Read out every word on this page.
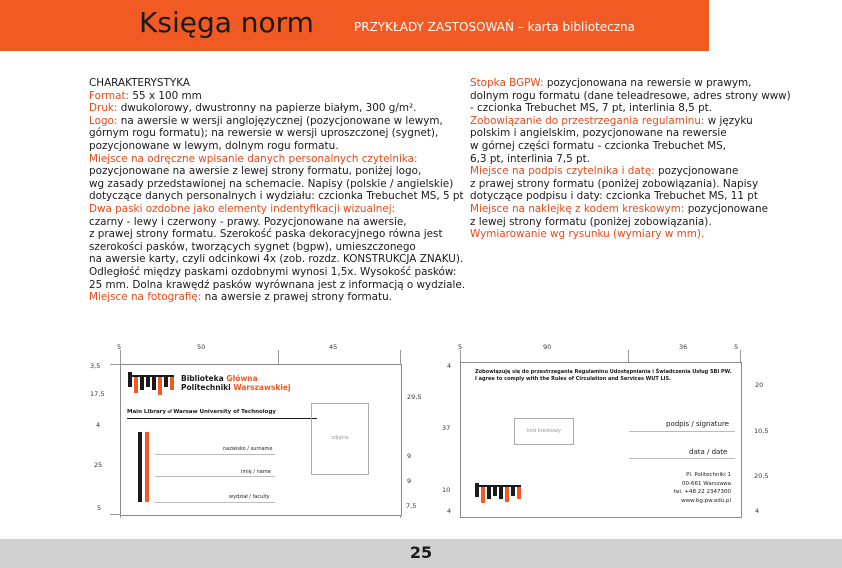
Księga norm	PRZYKŁADY ZASTOSOWAŃ – karta biblioteczna

CHARAKTERYSTYKA

Format: 55 x 100 mm

Druk: dwukolorowy, dwustronny na papierze białym, 300 g/m².

Logo: na awersie w wersji anglojęzycznej (pozycjonowane w lewym,

górnym rogu formatu); na rewersie w wersji uproszczonej (sygnet),

pozycjonowane w lewym, dolnym rogu formatu.

Miejsce na odręczne wpisanie danych personalnych czytelnika:

pozycjonowane na awersie z lewej strony formatu, poniżej logo,

wg zasady przedstawionej na schemacie. Napisy (polskie / angielskie)

dotyczące danych personalnych i wydziału: czcionka Trebuchet MS, 5 pt

Dwa paski ozdobne jako elementy indentyfikacji wizualnej:

czarny - lewy i czerwony - prawy. Pozycjonowane na awersie,

z prawej strony formatu. Szerokość paska dekoracyjnego równa jest

szerokości pasków, tworzących sygnet (bgpw), umieszczonego

na awersie karty, czyli odcinkowi 4x (zob. rozdz. KONSTRUKCJA ZNAKU).

Odległość między paskami ozdobnymi wynosi 1,5x. Wysokość pasków:

25 mm. Dolna krawędź pasków wyrównana jest z informacją o wydziale.

Miejsce na fotografię: na awersie z prawej strony formatu.

Stopka BGPW: pozycjonowana na rewersie w prawym,

dolnym rogu formatu (dane teleadresowe, adres strony www)

- czcionka Trebuchet MS, 7 pt, interlinia 8,5 pt.

Zobowiązanie do przestrzegania regulaminu: w języku

polskim i angielskim, pozycjonowane na rewersie

w górnej części formatu - czcionka Trebuchet MS,

6,3 pt, interlinia 7,5 pt.

Miejsce na podpis czytelnika i datę: pozycjonowane

z prawej strony formatu (poniżej zobowiązania). Napisy

dotyczące podpisu i daty: czcionka Trebuchet MS, 11 pt

Miejsce na naklejkę z kodem kreskowym: pozycjonowane

z lewej strony formatu (poniżej zobowiązania).

Wymiarowanie wg rysunku (wymiary w mm).

5	50	45
3,5
17,5
4
25
5
29,5
9
9
7,5
Biblioteka Główna
Politechniki Warszawskiej
Main Library of Warsaw University of Technology
nazwisko / surname
imię / name
wydział / faculty
zdjęcie
5	90	36	5
4
37
10
4
20
10,5
20,5
4
Zobowiązuję się do przestrzegania Regulaminu Udostępniania i Świadczenia Usług SBI PW.
I agree to comply with the Rules of Circulation and Services WUT LIS.
kod kreskowy
podpis / signature
data / date
Pl. Politechniki 1
00-661 Warszawa
tel. +48 22 2347300
www.bg.pw.edu.pl
25
